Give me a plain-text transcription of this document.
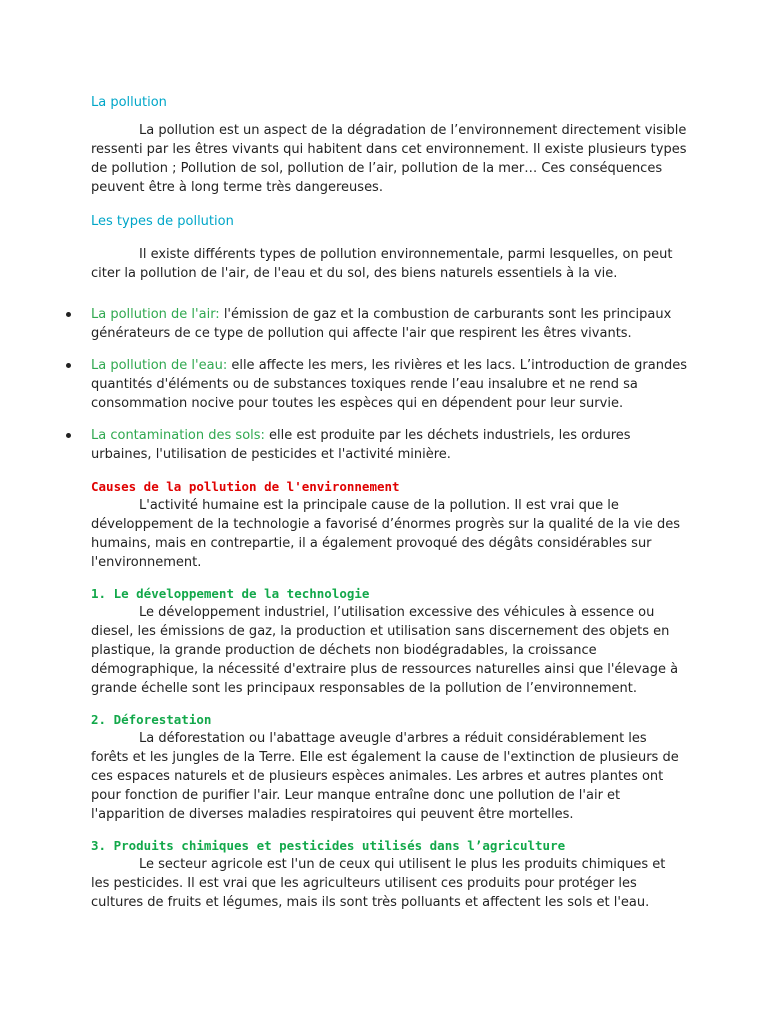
La pollution

La pollution est un aspect de la dégradation de l’environnement directement visible ressenti par les êtres vivants qui habitent dans cet environnement. Il existe plusieurs types de pollution ; Pollution de sol, pollution de l’air, pollution de la mer… Ces conséquences peuvent être à long terme très dangereuses.

Les types de pollution

Il existe différents types de pollution environnementale, parmi lesquelles, on peut citer la pollution de l'air, de l'eau et du sol, des biens naturels essentiels à la vie.

La pollution de l'air: l'émission de gaz et la combustion de carburants sont les principaux générateurs de ce type de pollution qui affecte l'air que respirent les êtres vivants.
La pollution de l'eau: elle affecte les mers, les rivières et les lacs. L’introduction de grandes quantités d'éléments ou de substances toxiques rende l’eau insalubre et ne rend sa consommation nocive pour toutes les espèces qui en dépendent pour leur survie.
La contamination des sols: elle est produite par les déchets industriels, les ordures urbaines, l'utilisation de pesticides et l'activité minière.

Causes de la pollution de l'environnement

L'activité humaine est la principale cause de la pollution. Il est vrai que le développement de la technologie a favorisé d’énormes progrès sur la qualité de la vie des humains, mais en contrepartie, il a également provoqué des dégâts considérables sur l'environnement.

1. Le développement de la technologie

Le développement industriel, l’utilisation excessive des véhicules à essence ou diesel, les émissions de gaz, la production et utilisation sans discernement des objets en plastique, la grande production de déchets non biodégradables, la croissance démographique, la nécessité d'extraire plus de ressources naturelles ainsi que l'élevage à grande échelle sont les principaux responsables de la pollution de l’environnement.

2. Déforestation

La déforestation ou l'abattage aveugle d'arbres a réduit considérablement les forêts et les jungles de la Terre. Elle est également la cause de l'extinction de plusieurs de ces espaces naturels et de plusieurs espèces animales. Les arbres et autres plantes ont pour fonction de purifier l'air. Leur manque entraîne donc une pollution de l'air et l'apparition de diverses maladies respiratoires qui peuvent être mortelles.

3. Produits chimiques et pesticides utilisés dans l’agriculture

Le secteur agricole est l'un de ceux qui utilisent le plus les produits chimiques et les pesticides. Il est vrai que les agriculteurs utilisent ces produits pour protéger les cultures de fruits et légumes, mais ils sont très polluants et affectent les sols et l'eau.
